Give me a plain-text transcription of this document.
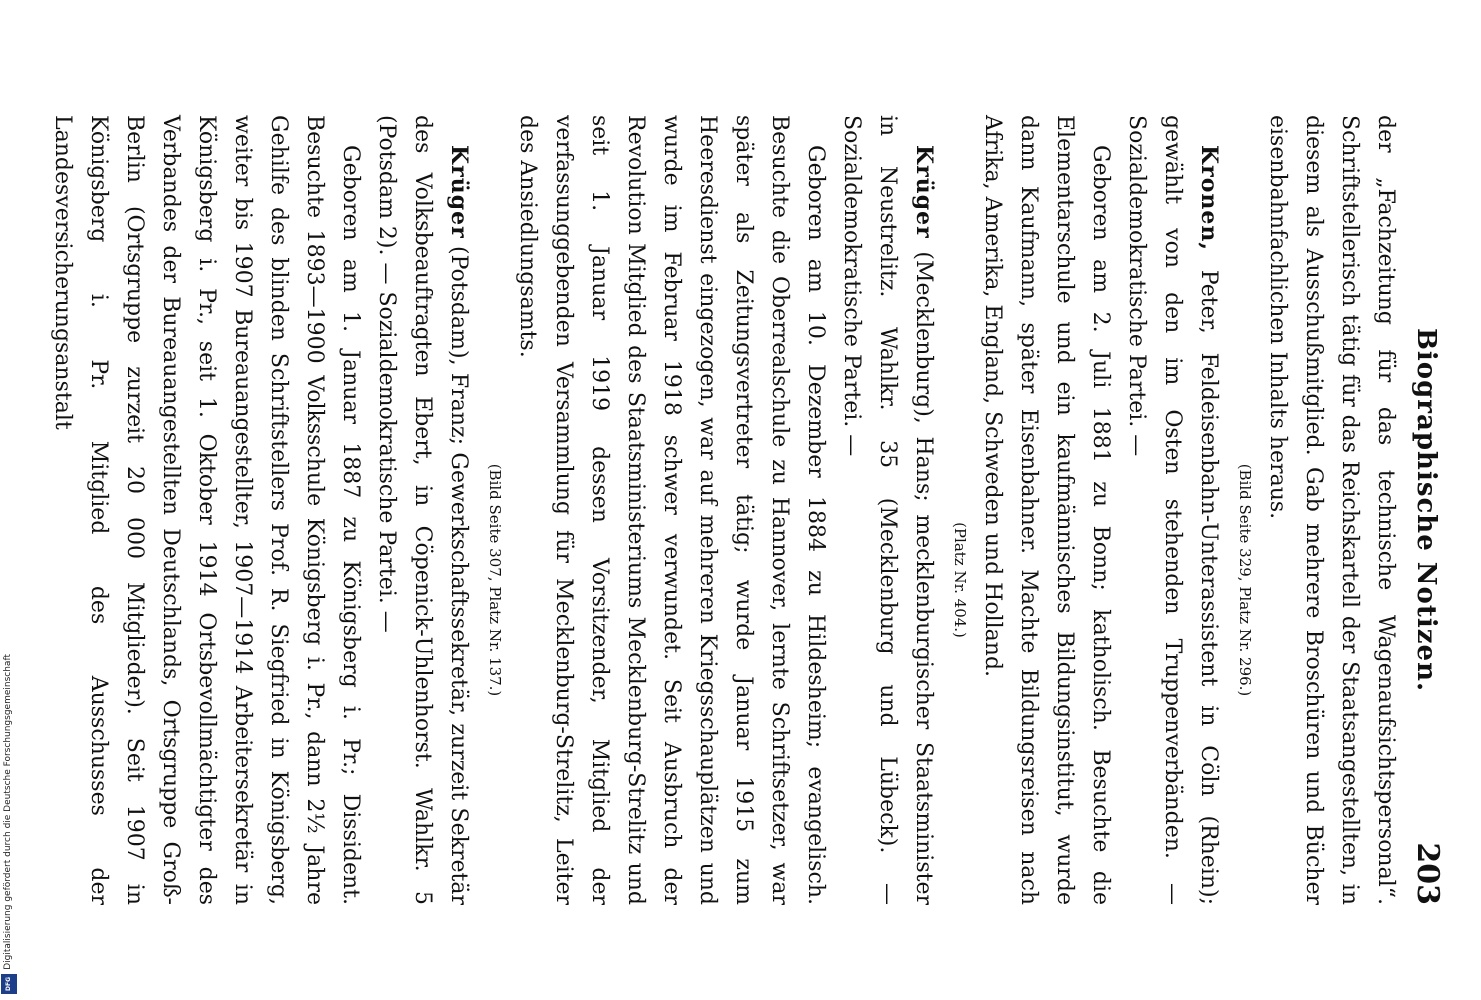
Digitalisierung gefördert durch die Deutsche Forschungsgemeinschaft
DFG
Biographische Notizen.
203

der „Fachzeitung für das technische Wagenaufsichtspersonal“. Schriftstellerisch tätig für das Reichskartell der Staatsangestellten, in diesem als Ausschußmitglied. Gab mehrere Broschüren und Bücher eisenbahnfachlichen Inhalts heraus.

(Bild Seite 329, Platz Nr. 296.)

Kronen, Peter, Feldeisenbahn-Unterassistent in Cöln (Rhein); gewählt von den im Osten stehenden Truppenverbänden. — Sozialdemokratische Partei. —

Geboren am 2. Juli 1881 zu Bonn; katholisch. Besuchte die Elementarschule und ein kaufmännisches Bildungsinstitut, wurde dann Kaufmann, später Eisenbahner. Machte Bildungsreisen nach Afrika, Amerika, England, Schweden und Holland.

(Platz Nr. 404.)

Krüger (Mecklenburg), Hans; mecklenburgischer Staatsminister in Neustrelitz. Wahlkr. 35 (Mecklenburg und Lübeck). — Sozialdemokratische Partei. —

Geboren am 10. Dezember 1884 zu Hildesheim; evangelisch. Besuchte die Oberrealschule zu Hannover, lernte Schriftsetzer, war später als Zeitungsvertreter tätig; wurde Januar 1915 zum Heeresdienst eingezogen, war auf mehreren Kriegsschauplätzen und wurde im Februar 1918 schwer verwundet. Seit Ausbruch der Revolution Mitglied des Staatsministeriums Mecklenburg-Strelitz und seit 1. Januar 1919 dessen Vorsitzender, Mitglied der verfassunggebenden Versammlung für Mecklenburg-Strelitz, Leiter des Ansiedlungsamts.

(Bild Seite 307, Platz Nr. 137.)

Krüger (Potsdam), Franz; Gewerkschaftssekretär, zurzeit Sekretär des Volksbeauftragten Ebert, in Cöpenick-Uhlenhorst. Wahlkr. 5 (Potsdam 2). — Sozialdemokratische Partei. —

Geboren am 1. Januar 1887 zu Königsberg i. Pr.; Dissident. Besuchte 1893—1900 Volksschule Königsberg i. Pr., dann 2½ Jahre Gehilfe des blinden Schriftstellers Prof. R. Siegfried in Königsberg, weiter bis 1907 Bureauangestellter, 1907—1914 Arbeitersekretär in Königsberg i. Pr., seit 1. Oktober 1914 Ortsbevollmächtigter des Verbandes der Bureauangestellten Deutschlands, Ortsgruppe Groß-Berlin (Ortsgruppe zurzeit 20 000 Mitglieder). Seit 1907 in Königsberg i. Pr. Mitglied des Ausschusses der Landesversicherungsanstalt
